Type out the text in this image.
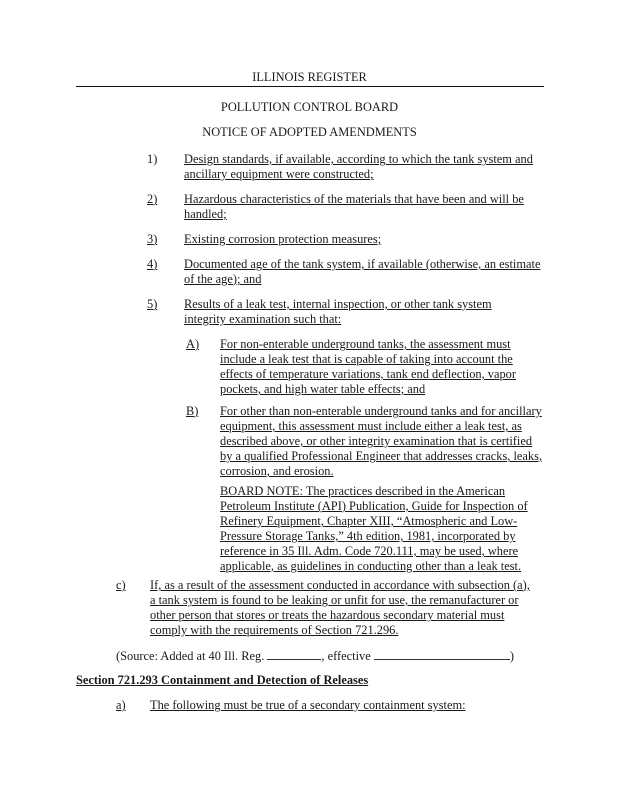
ILLINOIS REGISTER
POLLUTION CONTROL BOARD
NOTICE OF ADOPTED AMENDMENTS
1) Design standards, if available, according to which the tank system and ancillary equipment were constructed;
2) Hazardous characteristics of the materials that have been and will be handled;
3) Existing corrosion protection measures;
4) Documented age of the tank system, if available (otherwise, an estimate of the age); and
5) Results of a leak test, internal inspection, or other tank system integrity examination such that:
A) For non-enterable underground tanks, the assessment must include a leak test that is capable of taking into account the effects of temperature variations, tank end deflection, vapor pockets, and high water table effects; and
B) For other than non-enterable underground tanks and for ancillary equipment, this assessment must include either a leak test, as described above, or other integrity examination that is certified by a qualified Professional Engineer that addresses cracks, leaks, corrosion, and erosion.
BOARD NOTE: The practices described in the American Petroleum Institute (API) Publication, Guide for Inspection of Refinery Equipment, Chapter XIII, “Atmospheric and Low-Pressure Storage Tanks,” 4th edition, 1981, incorporated by reference in 35 Ill. Adm. Code 720.111, may be used, where applicable, as guidelines in conducting other than a leak test.
c) If, as a result of the assessment conducted in accordance with subsection (a), a tank system is found to be leaking or unfit for use, the remanufacturer or other person that stores or treats the hazardous secondary material must comply with the requirements of Section 721.296.
(Source: Added at 40 Ill. Reg.	, effective	)
Section 721.293 Containment and Detection of Releases
a) The following must be true of a secondary containment system:
